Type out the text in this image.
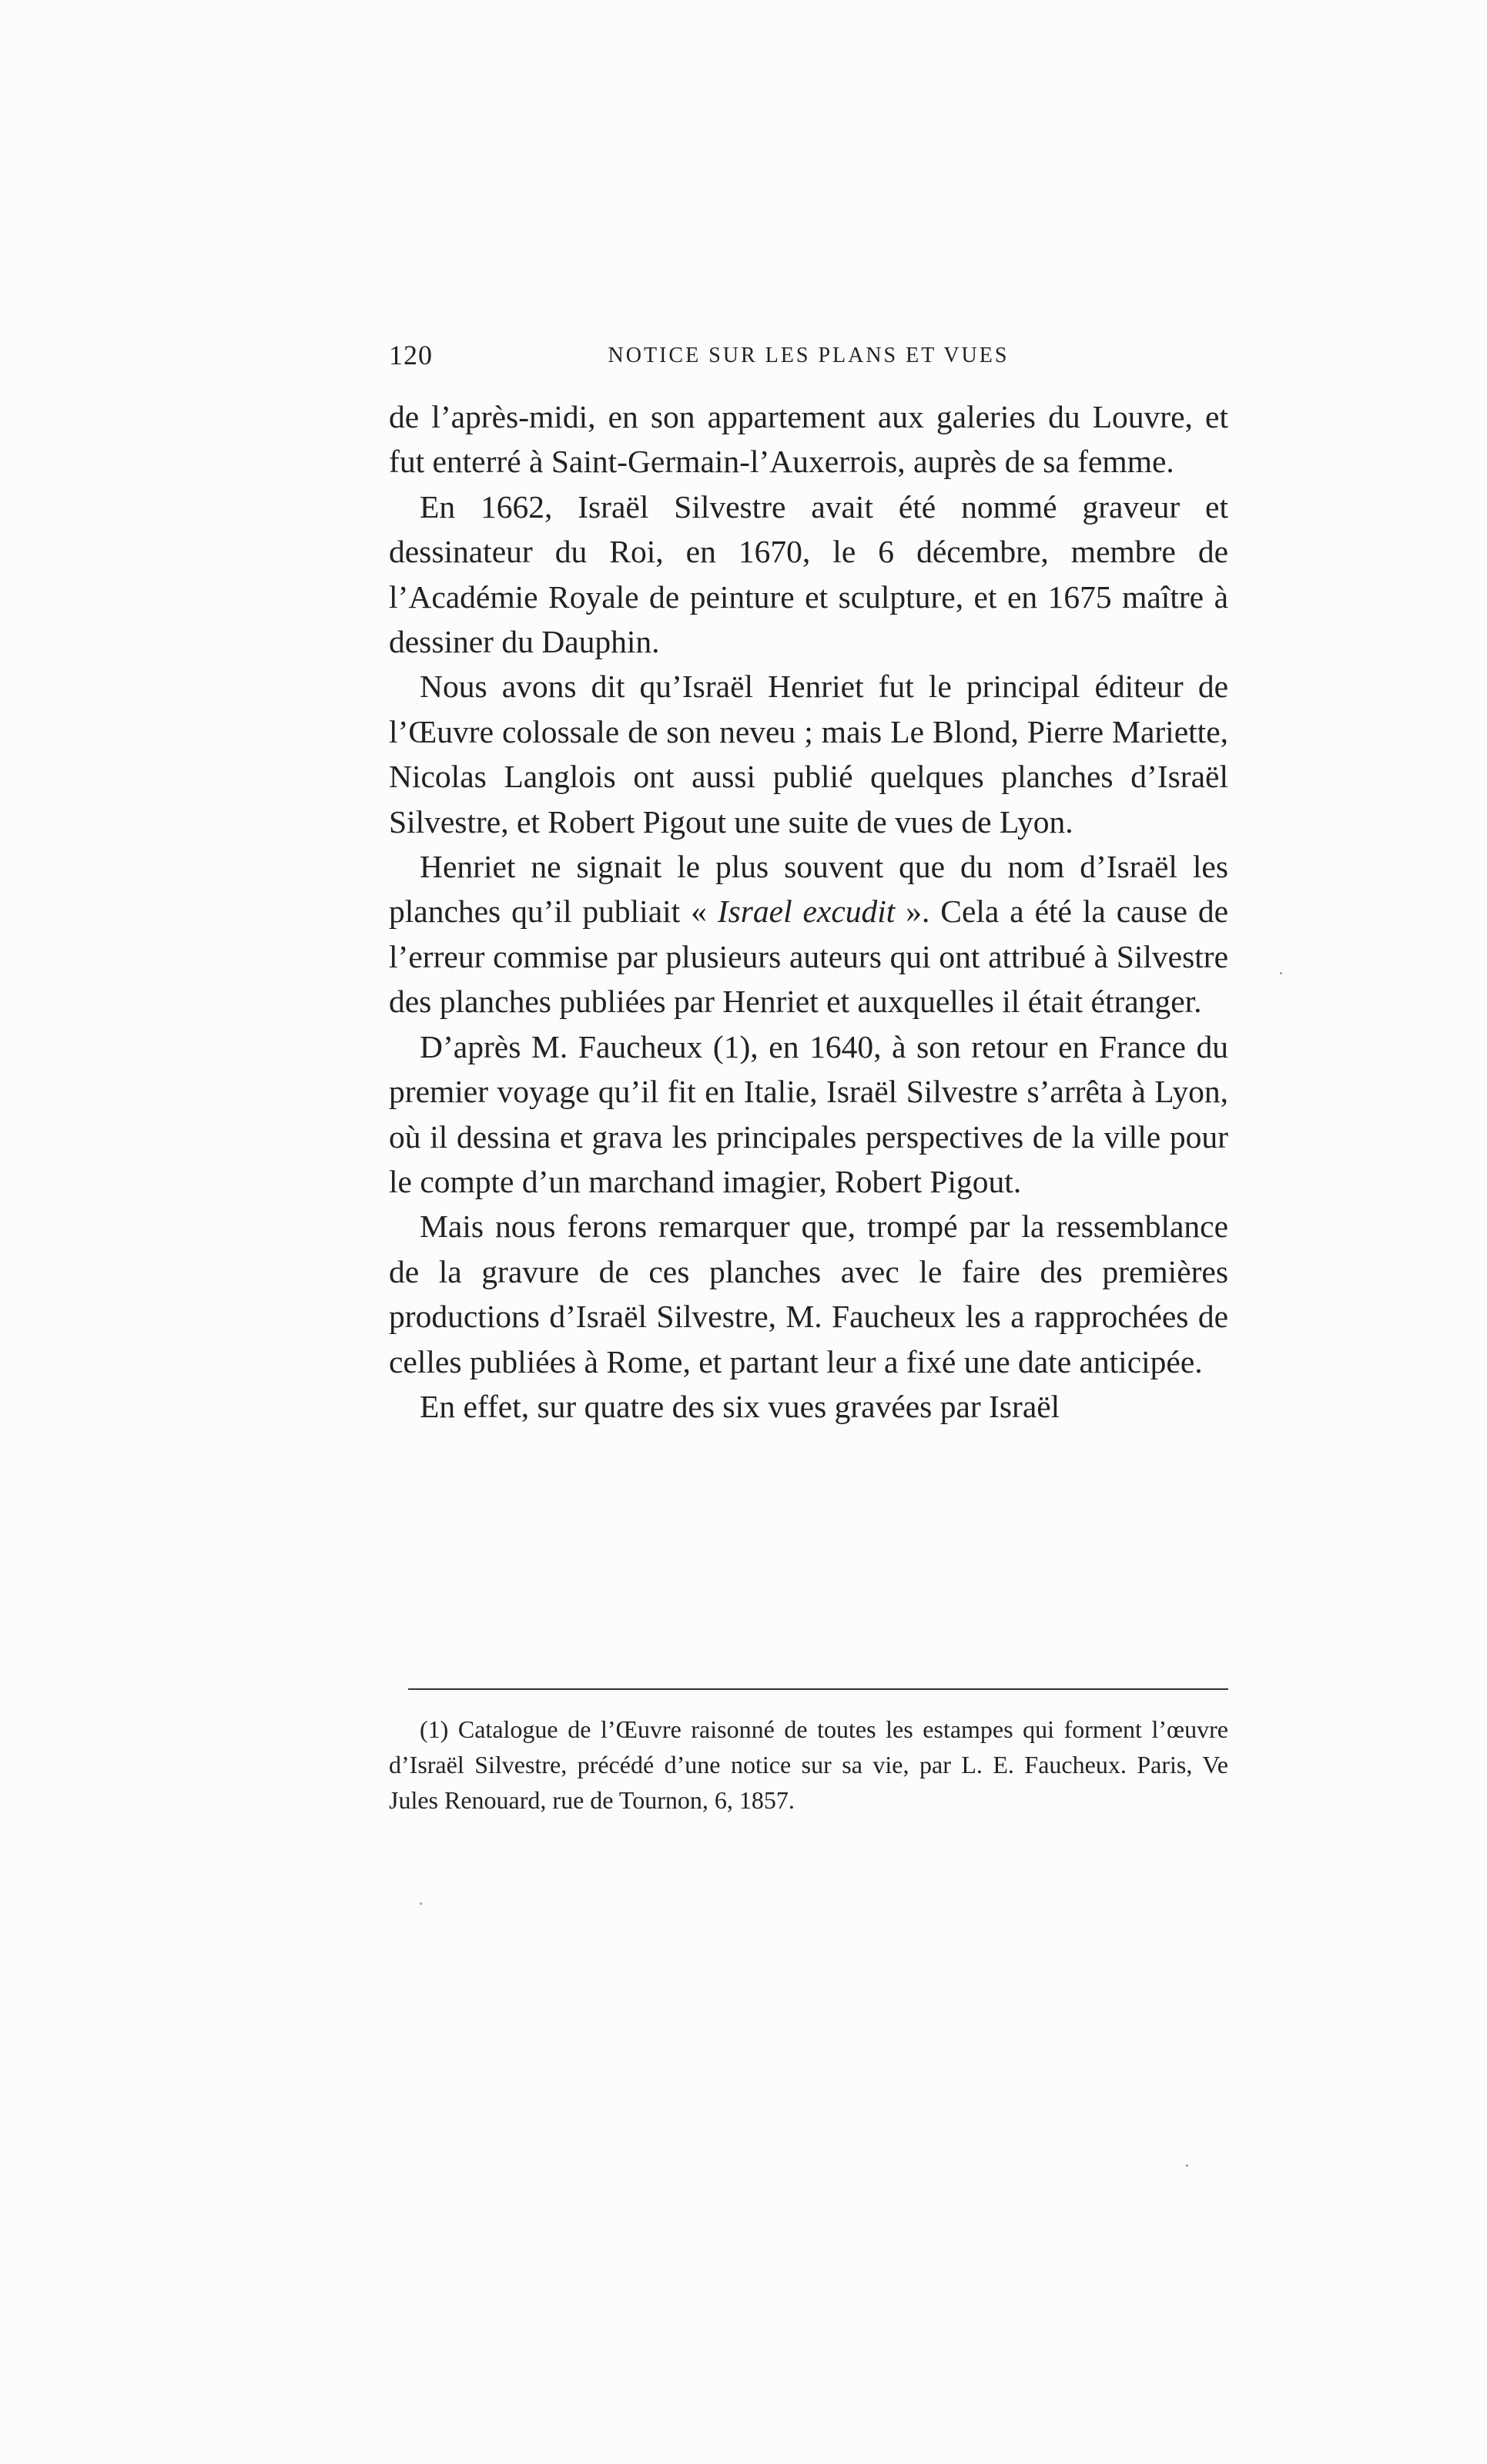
120	NOTICE SUR LES PLANS ET VUES

de l’après-midi, en son appartement aux galeries du Louvre, et fut enterré à Saint-Germain-l’Auxerrois, auprès de sa femme.

En 1662, Israël Silvestre avait été nommé graveur et dessinateur du Roi, en 1670, le 6 décembre, membre de l’Académie Royale de peinture et sculpture, et en 1675 maître à dessiner du Dauphin.

Nous avons dit qu’Israël Henriet fut le principal éditeur de l’Œuvre colossale de son neveu ; mais Le Blond, Pierre Mariette, Nicolas Langlois ont aussi publié quelques planches d’Israël Silvestre, et Robert Pigout une suite de vues de Lyon.

Henriet ne signait le plus souvent que du nom d’Israël les planches qu’il publiait « Israel excudit ». Cela a été la cause de l’erreur commise par plusieurs auteurs qui ont attribué à Silvestre des planches publiées par Henriet et auxquelles il était étranger.

D’après M. Faucheux (1), en 1640, à son retour en France du premier voyage qu’il fit en Italie, Israël Silvestre s’arrêta à Lyon, où il dessina et grava les principales perspectives de la ville pour le compte d’un marchand imagier, Robert Pigout.

Mais nous ferons remarquer que, trompé par la ressemblance de la gravure de ces planches avec le faire des premières productions d’Israël Silvestre, M. Faucheux les a rapprochées de celles publiées à Rome, et partant leur a fixé une date anticipée.

En effet, sur quatre des six vues gravées par Israël

(1) Catalogue de l’Œuvre raisonné de toutes les estampes qui forment l’œuvre d’Israël Silvestre, précédé d’une notice sur sa vie, par L. E. Faucheux. Paris, Ve Jules Renouard, rue de Tournon, 6, 1857.
